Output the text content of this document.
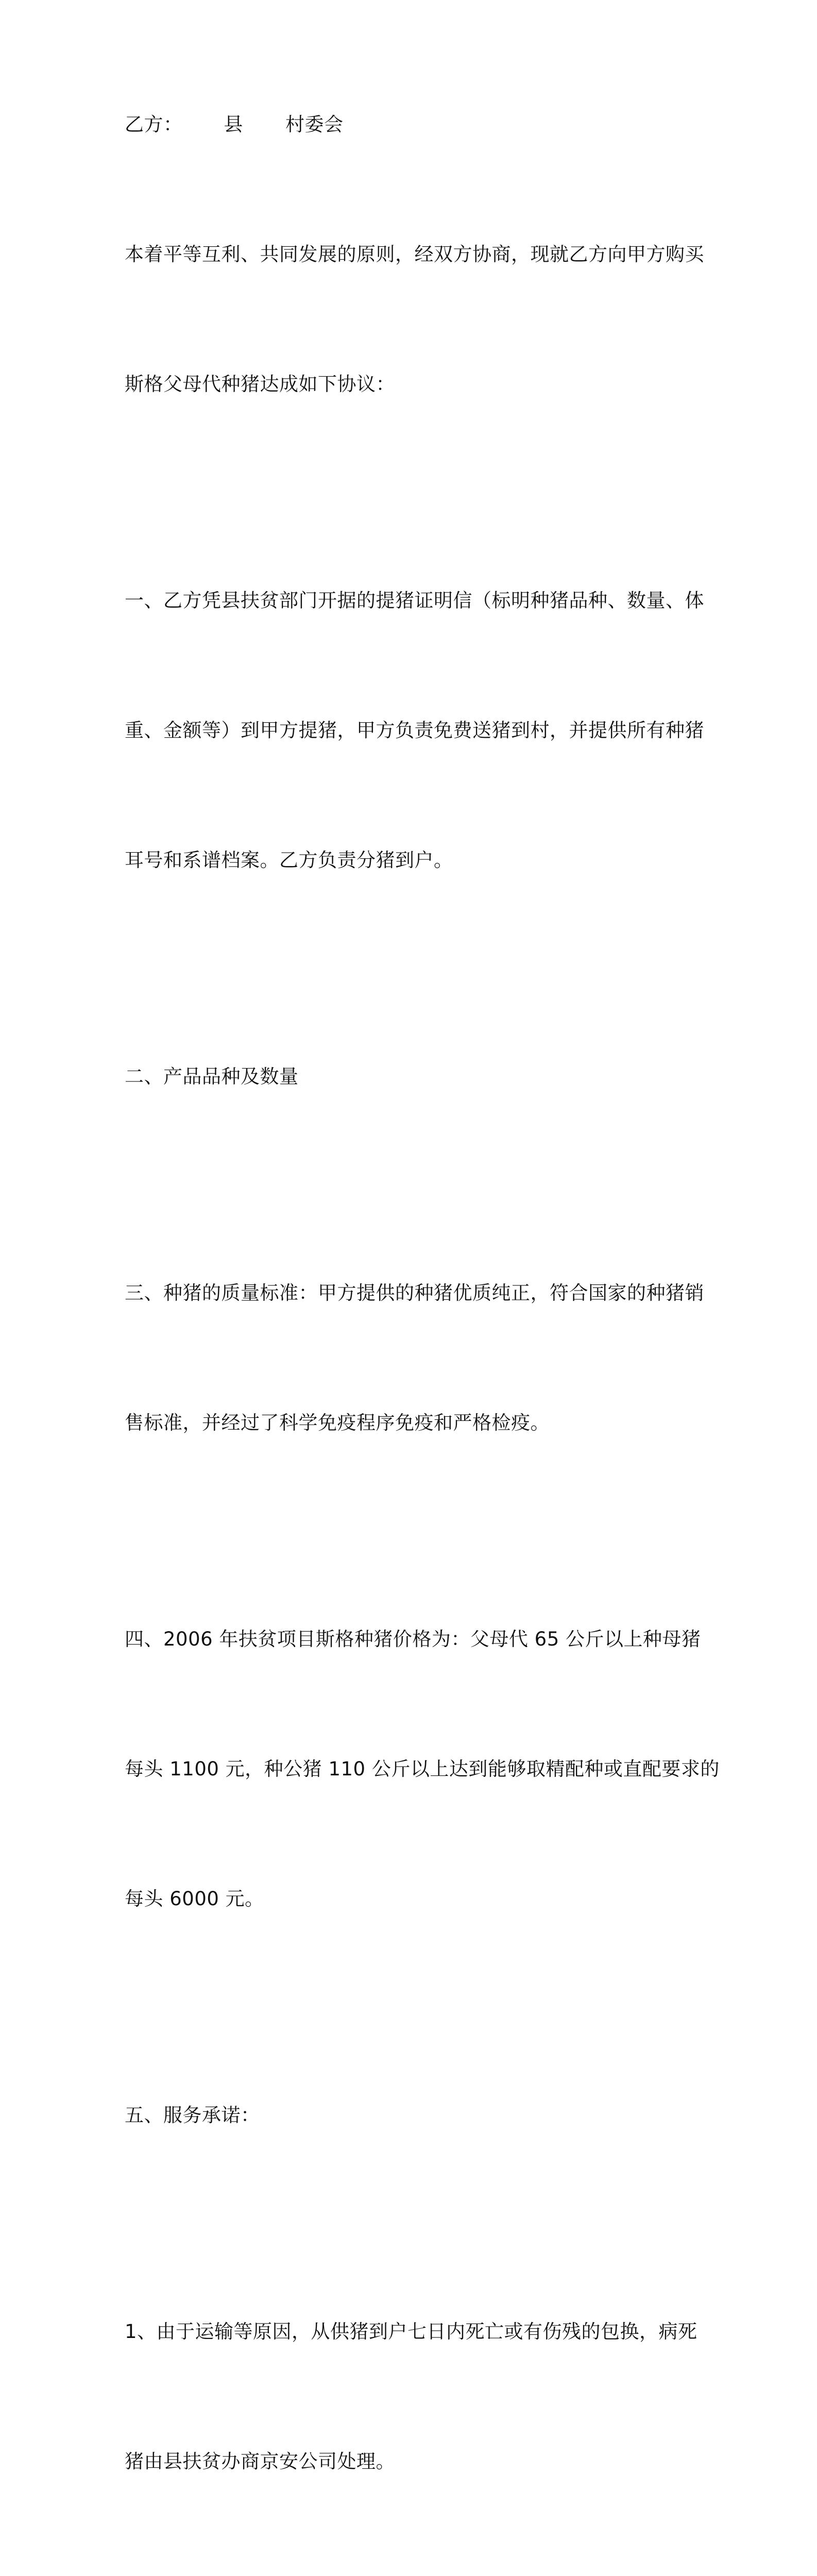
乙方： 县 村委会

本着平等互利、共同发展的原则，经双方协商，现就乙方向甲方购买

斯格父母代种猪达成如下协议：

一、乙方凭县扶贫部门开据的提猪证明信（标明种猪品种、数量、体

重、金额等）到甲方提猪，甲方负责免费送猪到村，并提供所有种猪

耳号和系谱档案。乙方负责分猪到户。

二、产品品种及数量

三、种猪的质量标准：甲方提供的种猪优质纯正，符合国家的种猪销

售标准，并经过了科学免疫程序免疫和严格检疫。

四、2006 年扶贫项目斯格种猪价格为：父母代 65 公斤以上种母猪

每头 1100 元，种公猪 110 公斤以上达到能够取精配种或直配要求的

每头 6000 元。

五、服务承诺：

1、由于运输等原因，从供猪到户七日内死亡或有伤残的包换，病死

猪由县扶贫办商京安公司处理。
